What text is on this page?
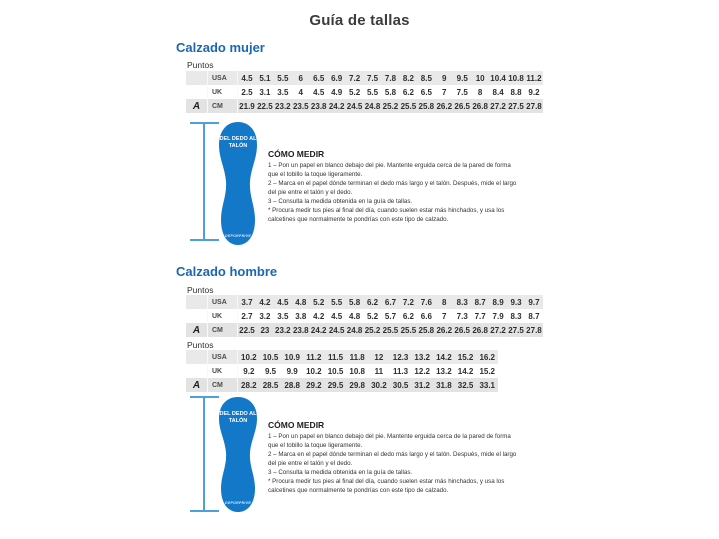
Guía de tallas
Calzado mujer
Puntos
USA	4.5 5.1 5.5	6	6.5 6.9 7.2 7.5 7.8 8.2 8.5	9	9.5 10 10.4 10.8 11.2
UK	2.5 3.1 3.5	4	4.5 4.9 5.2 5.5 5.8 6.2 6.5	7	7.5	8	8.4 8.8 9.2
A	CM	21.9 22.5 23.2 23.5 23.8 24.2 24.5 24.8 25.2 25.5 25.8 26.2 26.5 26.8 27.2 27.5 27.8
DEL DEDO AL TALÓN
DEPORPRIVE
CÓMO MEDIR
1 – Pon un papel en blanco debajo del pie. Mantente erguida cerca de la pared de forma que el tobillo la toque ligeramente.
2 – Marca en el papel dónde terminan el dedo más largo y el talón. Después, mide el largo del pie entre el talón y el dedo.
3 – Consulta la medida obtenida en la guía de tallas.
* Procura medir tus pies al final del día, cuando suelen estar más hinchados, y usa los calcetines que normalmente te pondrías con este tipo de calzado.
Calzado hombre
Puntos
USA	3.7 4.2 4.5 4.8 5.2 5.5 5.8 6.2 6.7 7.2 7.6	8	8.3 8.7 8.9 9.3 9.7
UK	2.7 3.2 3.5 3.8 4.2 4.5 4.8 5.2 5.7 6.2 6.6	7	7.3 7.7 7.9 8.3 8.7
A	CM	22.5 23 23.2 23.8 24.2 24.5 24.8 25.2 25.5 25.5 25.8 26.2 26.5 26.8 27.2 27.5 27.8
Puntos
USA	10.2 10.5 10.9 11.2 11.5 11.8	12	12.3 13.2 14.2 15.2 16.2
UK	9.2	9.5	9.9	10.2 10.5 10.8	11	11.3 12.2 13.2 14.2 15.2
A	CM	28.2 28.5 28.8 29.2 29.5 29.8 30.2 30.5 31.2 31.8 32.5 33.1
DEL DEDO AL TALÓN
DEPORPRIVE
CÓMO MEDIR
1 – Pon un papel en blanco debajo del pie. Mantente erguida cerca de la pared de forma que el tobillo la toque ligeramente.
2 – Marca en el papel dónde terminan el dedo más largo y el talón. Después, mide el largo del pie entre el talón y el dedo.
3 – Consulta la medida obtenida en la guía de tallas.
* Procura medir tus pies al final del día, cuando suelen estar más hinchados, y usa los calcetines que normalmente te pondrías con este tipo de calzado.
